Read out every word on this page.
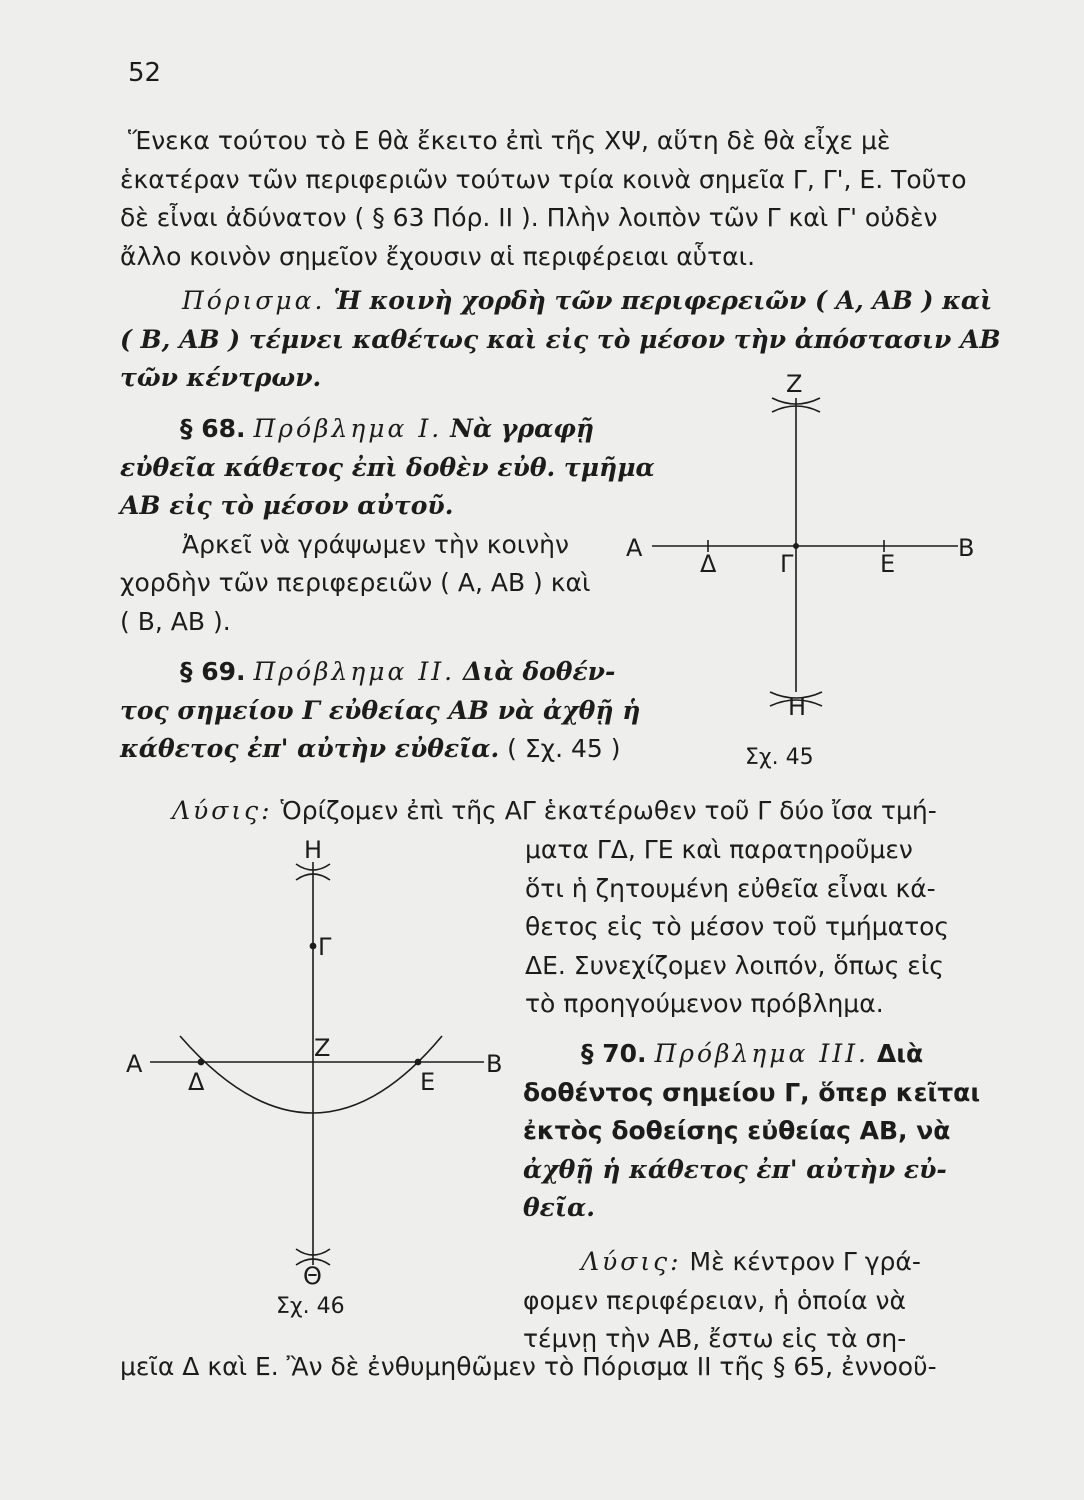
52
Ἕνεκα τούτου τὸ Ε θὰ ἔκειτο ἐπὶ τῆς ΧΨ, αὕτη δὲ θὰ εἶχε μὲ
ἑκατέραν τῶν περιφεριῶν τούτων τρία κοινὰ σημεῖα Γ, Γ', Ε. Τοῦτο
δὲ εἶναι ἀδύνατον ( § 63 Πόρ. ΙΙ ). Πλὴν λοιπὸν τῶν Γ καὶ Γ' οὐδὲν
ἄλλο κοινὸν σημεῖον ἔχουσιν αἱ περιφέρειαι αὗται.
Πόρισμα. Ἡ κοινὴ χορδὴ τῶν περιφερειῶν ( Α, ΑΒ ) καὶ
( Β, ΑΒ ) τέμνει καθέτως καὶ εἰς τὸ μέσον τὴν ἀπόστασιν ΑΒ
τῶν κέντρων.
§ 68. Πρόβλημα Ι. Νὰ γραφῇ
εὐθεῖα κάθετος ἐπὶ δοθὲν εὐθ. τμῆμα
ΑΒ εἰς τὸ μέσον αὐτοῦ.
Ἀρκεῖ νὰ γράψωμεν τὴν κοινὴν
χορδὴν τῶν περιφερειῶν ( Α, ΑΒ ) καὶ
( Β, ΑΒ ).
§ 69. Πρόβλημα ΙΙ. Διὰ δοθέν-
τος σημείου Γ εὐθείας ΑΒ νὰ ἀχθῇ ἡ
κάθετος ἐπ' αὐτὴν εὐθεῖα. ( Σχ. 45 )
Λύσις: Ὁρίζομεν ἐπὶ τῆς ΑΓ ἑκατέρωθεν τοῦ Γ δύο ἴσα τμή-
ματα ΓΔ, ΓΕ καὶ παρατηροῦμεν
ὅτι ἡ ζητουμένη εὐθεῖα εἶναι κά-
θετος εἰς τὸ μέσον τοῦ τμήματος
ΔΕ. Συνεχίζομεν λοιπόν, ὅπως εἰς
τὸ προηγούμενον πρόβλημα.
§ 70. Πρόβλημα ΙΙΙ. Διὰ
δοθέντος σημείου Γ, ὅπερ κεῖται
ἐκτὸς δοθείσης εὐθείας ΑΒ, νὰ
ἀχθῇ ἡ κάθετος ἐπ' αὐτὴν εὐ-
θεῖα.
Λύσις: Μὲ κέντρον Γ γρά-
φομεν περιφέρειαν, ἡ ὁποία νὰ
τέμνῃ τὴν ΑΒ, ἔστω εἰς τὰ ση-
μεῖα Δ καὶ Ε. Ἂν δὲ ἐνθυμηθῶμεν τὸ Πόρισμα ΙΙ τῆς § 65, ἐννοοῦ-
Z
A	B
Γ
Δ	E
H
Σχ. 45
H
Γ
A	B
Z
Δ	E
Θ
Σχ. 46
